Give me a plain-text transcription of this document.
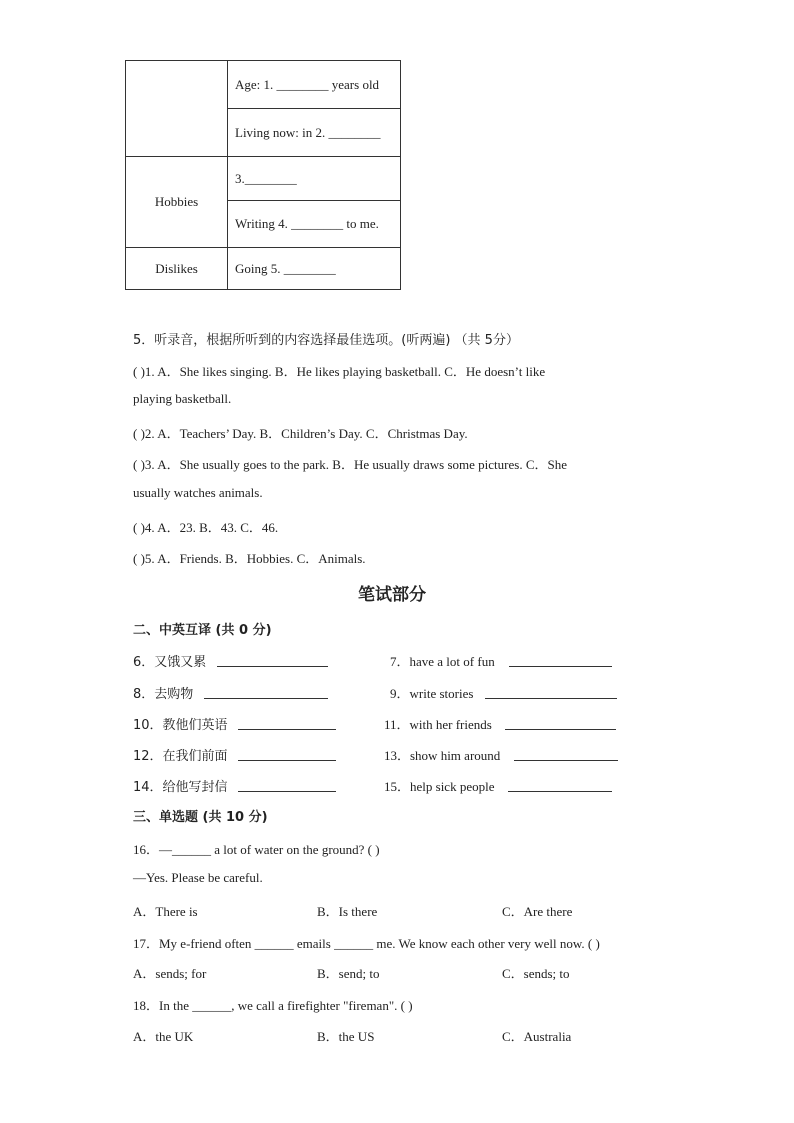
	Age: 1. ________ years old
	Living now: in 2. ________
Hobbies	3.________
	Writing 4. ________ to me.
Dislikes	Going 5. ________
5．听录音，根据所听到的内容选择最佳选项。(听两遍) （共 5分）
( )1. A．She likes singing. B．He likes playing basketball. C．He doesn’t like
playing basketball.
( )2. A．Teachers’ Day. B．Children’s Day. C．Christmas Day.
( )3. A．She usually goes to the park. B．He usually draws some pictures. C．She
usually watches animals.
( )4. A．23. B．43. C．46.
( )5. A．Friends. B．Hobbies. C．Animals.
笔试部分
二、中英互译 (共 0 分)
6．又饿又累	7．have a lot of fun
8．去购物	9．write stories
10．教他们英语	11．with her friends
12．在我们前面	13．show him around
14．给他写封信	15．help sick people
三、单选题 (共 10 分)
16．—______ a lot of water on the ground? ( )
—Yes. Please be careful.
A．There is	B．Is there	C．Are there
17．My e-friend often ______ emails ______ me. We know each other very well now. ( )
A．sends; for	B．send; to	C．sends; to
18．In the ______, we call a firefighter "fireman". ( )
A．the UK	B．the US	C．Australia
